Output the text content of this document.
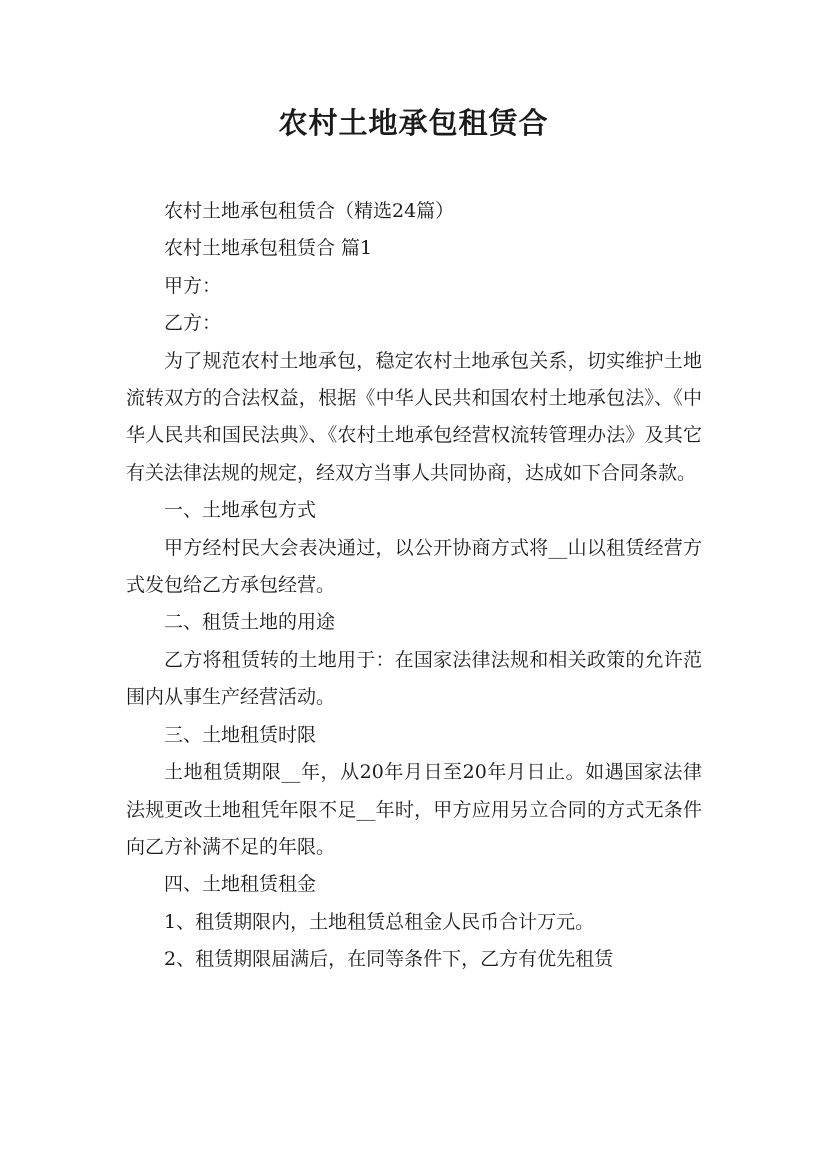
农村土地承包租赁合

农村土地承包租赁合（精选24篇）

农村土地承包租赁合 篇1

甲方：

乙方：

为了规范农村土地承包，稳定农村土地承包关系，切实维护土地流转双方的合法权益，根据《中华人民共和国农村土地承包法》、《中华人民共和国民法典》、《农村土地承包经营权流转管理办法》及其它有关法律法规的规定，经双方当事人共同协商，达成如下合同条款。

一、土地承包方式

甲方经村民大会表决通过，以公开协商方式将__山以租赁经营方式发包给乙方承包经营。

二、租赁土地的用途

乙方将租赁转的土地用于：在国家法律法规和相关政策的允许范围内从事生产经营活动。

三、土地租赁时限

土地租赁期限__年，从20年月日至20年月日止。如遇国家法律法规更改土地租凭年限不足__年时，甲方应用另立合同的方式无条件向乙方补满不足的年限。

四、土地租赁租金

1、租赁期限内，土地租赁总租金人民币合计万元。

2、租赁期限届满后，在同等条件下，乙方有优先租赁
